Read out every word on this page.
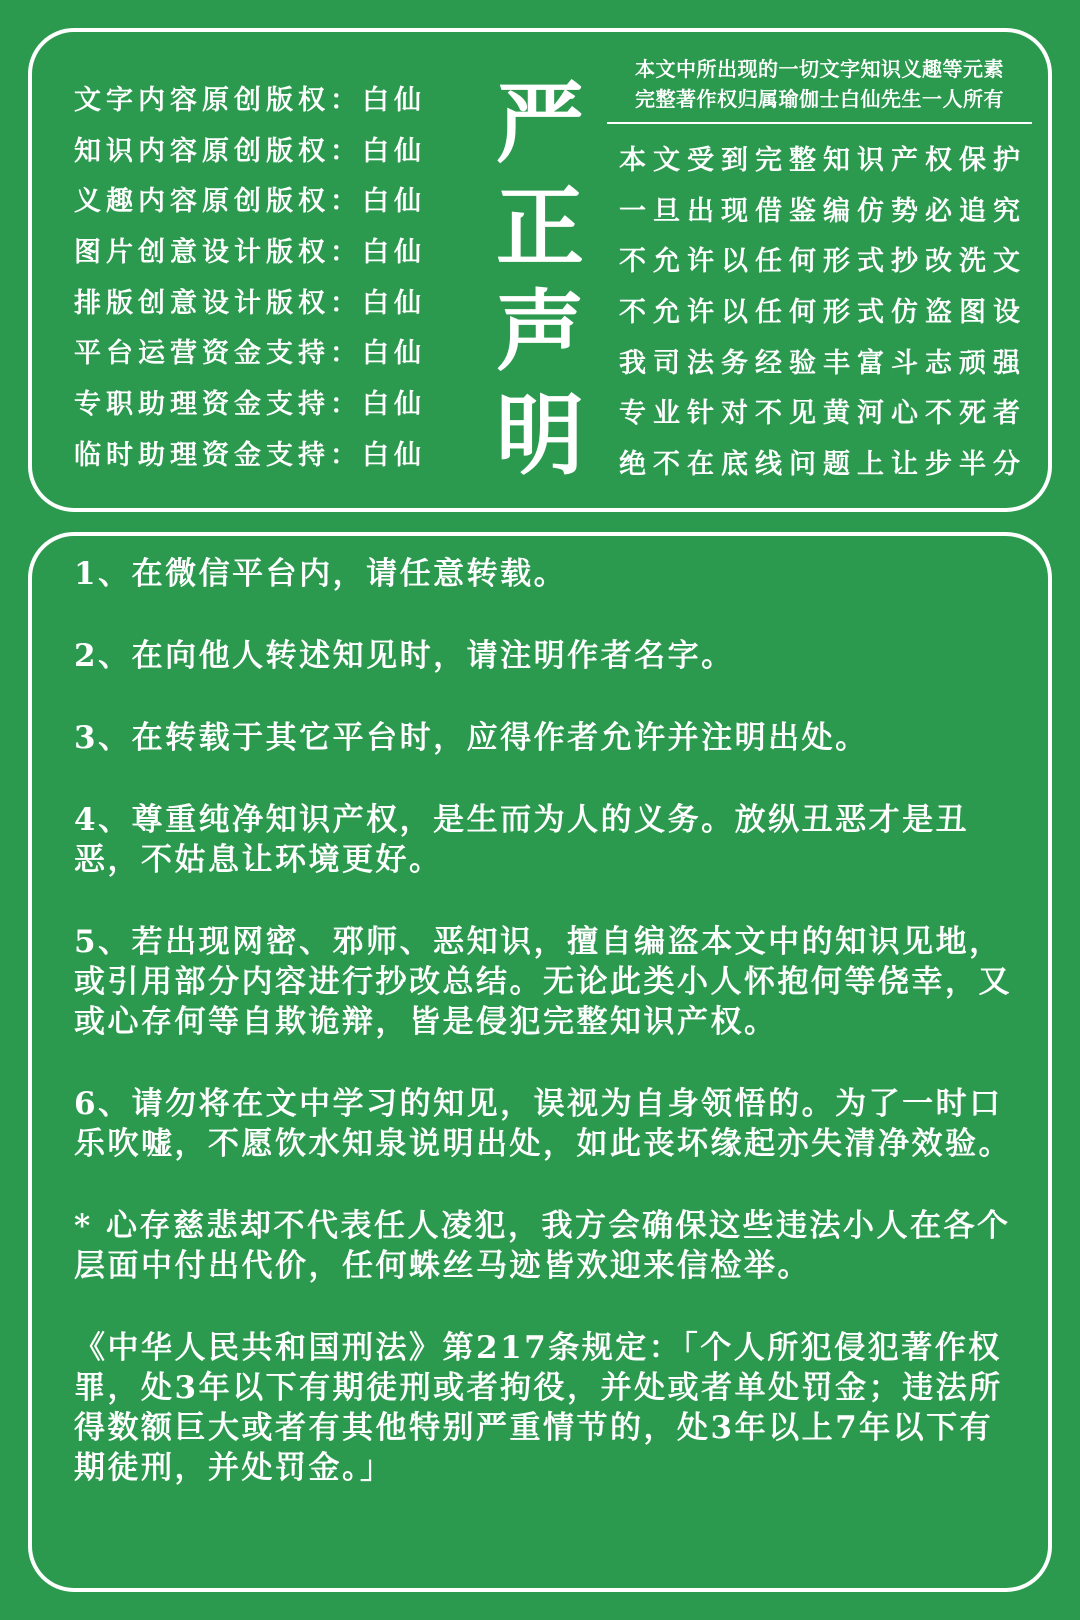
文字内容原创版权：白仙
知识内容原创版权：白仙
义趣内容原创版权：白仙
图片创意设计版权：白仙
排版创意设计版权：白仙
平台运营资金支持：白仙
专职助理资金支持：白仙
临时助理资金支持：白仙
严
正
声
明
本文中所出现的一切文字知识义趣等元素
完整著作权归属瑜伽士白仙先生一人所有
本文受到完整知识产权保护
一旦出现借鉴编仿势必追究
不允许以任何形式抄改洗文
不允许以任何形式仿盗图设
我司法务经验丰富斗志顽强
专业针对不见黄河心不死者
绝不在底线问题上让步半分
1、在微信平台内，请任意转载。
2、在向他人转述知见时，请注明作者名字。
3、在转载于其它平台时，应得作者允许并注明出处。
4、尊重纯净知识产权，是生而为人的义务。放纵丑恶才是丑恶，不姑息让环境更好。
5、若出现网密、邪师、恶知识，擅自编盗本文中的知识见地，或引用部分内容进行抄改总结。无论此类小人怀抱何等侥幸，又或心存何等自欺诡辩，皆是侵犯完整知识产权。
6、请勿将在文中学习的知见，误视为自身领悟的。为了一时口乐吹嘘，不愿饮水知泉说明出处，如此丧坏缘起亦失清净效验。
* 心存慈悲却不代表任人凌犯，我方会确保这些违法小人在各个层面中付出代价，任何蛛丝马迹皆欢迎来信检举。
《中华人民共和国刑法》第217条规定：「个人所犯侵犯著作权罪，处3年以下有期徒刑或者拘役，并处或者单处罚金；违法所得数额巨大或者有其他特别严重情节的，处3年以上7年以下有期徒刑，并处罚金。」
